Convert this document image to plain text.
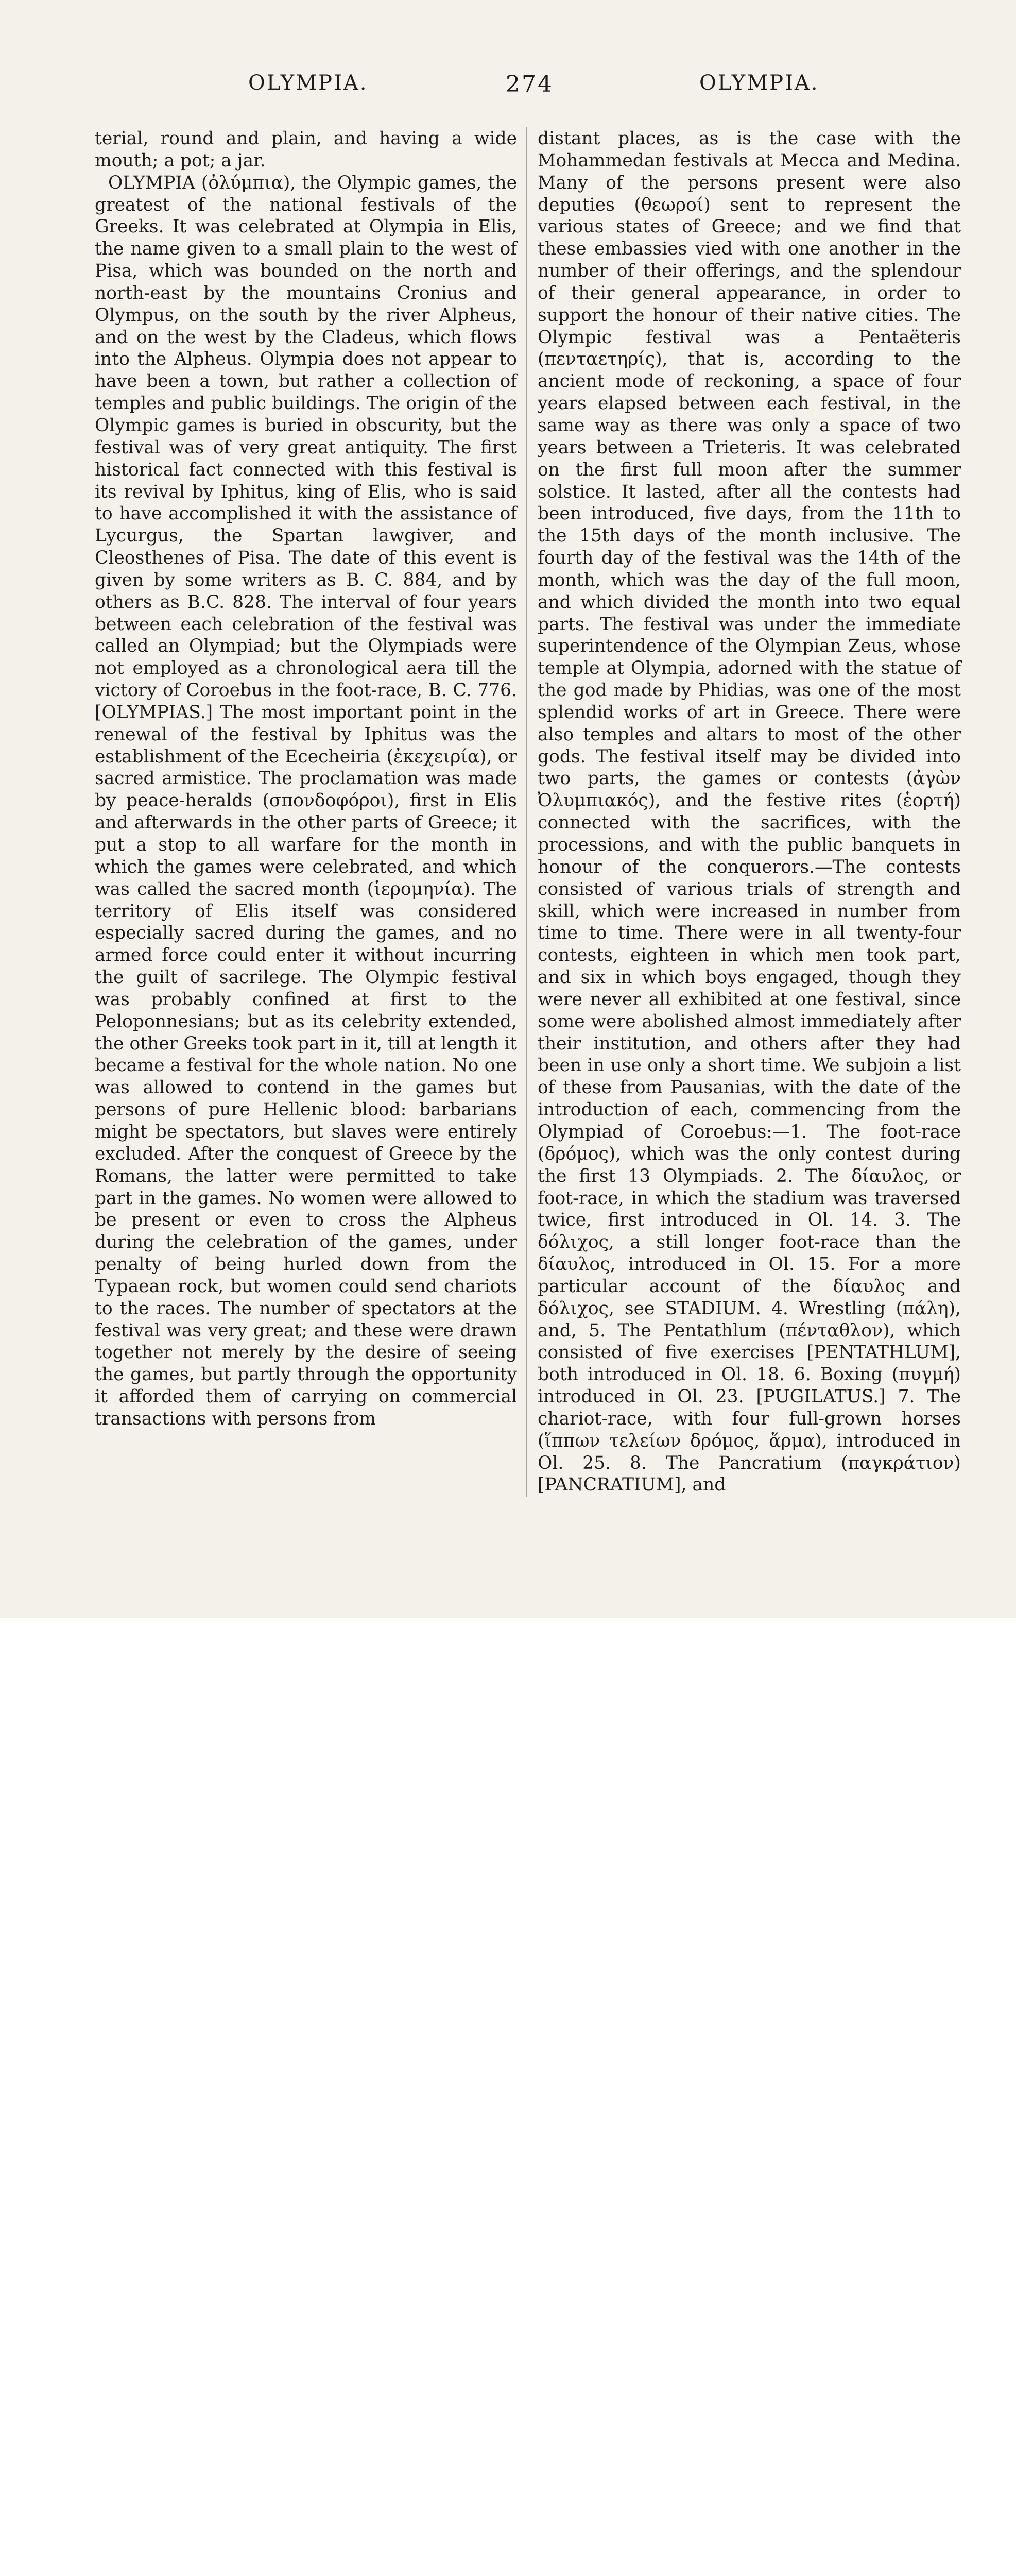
OLYMPIA.	274	OLYMPIA.

terial, round and plain, and having a wide mouth; a pot; a jar.

OLYMPIA (ὀλύμπια), the Olympic games, the greatest of the national festivals of the Greeks. It was celebrated at Olympia in Elis, the name given to a small plain to the west of Pisa, which was bounded on the north and north-east by the mountains Cronius and Olympus, on the south by the river Alpheus, and on the west by the Cladeus, which flows into the Alpheus. Olympia does not appear to have been a town, but rather a collection of temples and public buildings. The origin of the Olympic games is buried in obscurity, but the festival was of very great antiquity. The first historical fact connected with this festival is its revival by Iphitus, king of Elis, who is said to have accomplished it with the assistance of Lycurgus, the Spartan lawgiver, and Cleosthenes of Pisa. The date of this event is given by some writers as B. C. 884, and by others as B.C. 828. The interval of four years between each celebration of the festival was called an Olympiad; but the Olympiads were not employed as a chronological aera till the victory of Coroebus in the foot-race, B. C. 776. [OLYMPIAS.] The most important point in the renewal of the festival by Iphitus was the establishment of the Ececheiria (ἐκεχειρία), or sacred armistice. The proclamation was made by peace-heralds (σπονδοφόροι), first in Elis and afterwards in the other parts of Greece; it put a stop to all warfare for the month in which the games were celebrated, and which was called the sacred month (ἱερομηνία). The territory of Elis itself was considered especially sacred during the games, and no armed force could enter it without incurring the guilt of sacrilege. The Olympic festival was probably confined at first to the Peloponnesians; but as its celebrity extended, the other Greeks took part in it, till at length it became a festival for the whole nation. No one was allowed to contend in the games but persons of pure Hellenic blood: barbarians might be spectators, but slaves were entirely excluded. After the conquest of Greece by the Romans, the latter were permitted to take part in the games. No women were allowed to be present or even to cross the Alpheus during the celebration of the games, under penalty of being hurled down from the Typaean rock, but women could send chariots to the races. The number of spectators at the festival was very great; and these were drawn together not merely by the desire of seeing the games, but partly through the opportunity it afforded them of carrying on commercial transactions with persons from

distant places, as is the case with the Mohammedan festivals at Mecca and Medina. Many of the persons present were also deputies (θεωροί) sent to represent the various states of Greece; and we find that these embassies vied with one another in the number of their offerings, and the splendour of their general appearance, in order to support the honour of their native cities. The Olympic festival was a Pentaëteris (πενταετηρίς), that is, according to the ancient mode of reckoning, a space of four years elapsed between each festival, in the same way as there was only a space of two years between a Trieteris. It was celebrated on the first full moon after the summer solstice. It lasted, after all the contests had been introduced, five days, from the 11th to the 15th days of the month inclusive. The fourth day of the festival was the 14th of the month, which was the day of the full moon, and which divided the month into two equal parts. The festival was under the immediate superintendence of the Olympian Zeus, whose temple at Olympia, adorned with the statue of the god made by Phidias, was one of the most splendid works of art in Greece. There were also temples and altars to most of the other gods. The festival itself may be divided into two parts, the games or contests (ἀγὼν Ὀλυμπιακός), and the festive rites (ἑορτή) connected with the sacrifices, with the processions, and with the public banquets in honour of the conquerors.—The contests consisted of various trials of strength and skill, which were increased in number from time to time. There were in all twenty-four contests, eighteen in which men took part, and six in which boys engaged, though they were never all exhibited at one festival, since some were abolished almost immediately after their institution, and others after they had been in use only a short time. We subjoin a list of these from Pausanias, with the date of the introduction of each, commencing from the Olympiad of Coroebus:—1. The foot-race (δρόμος), which was the only contest during the first 13 Olympiads. 2. The δίαυλος, or foot-race, in which the stadium was traversed twice, first introduced in Ol. 14. 3. The δόλιχος, a still longer foot-race than the δίαυλος, introduced in Ol. 15. For a more particular account of the δίαυλος and δόλιχος, see STADIUM. 4. Wrestling (πάλη), and, 5. The Pentathlum (πένταθλον), which consisted of five exercises [PENTATHLUM], both introduced in Ol. 18. 6. Boxing (πυγμή) introduced in Ol. 23. [PUGILATUS.] 7. The chariot-race, with four full-grown horses (ἵππων τελείων δρόμος, ἅρμα), introduced in Ol. 25. 8. The Pancratium (παγκράτιον) [PANCRATIUM], and
